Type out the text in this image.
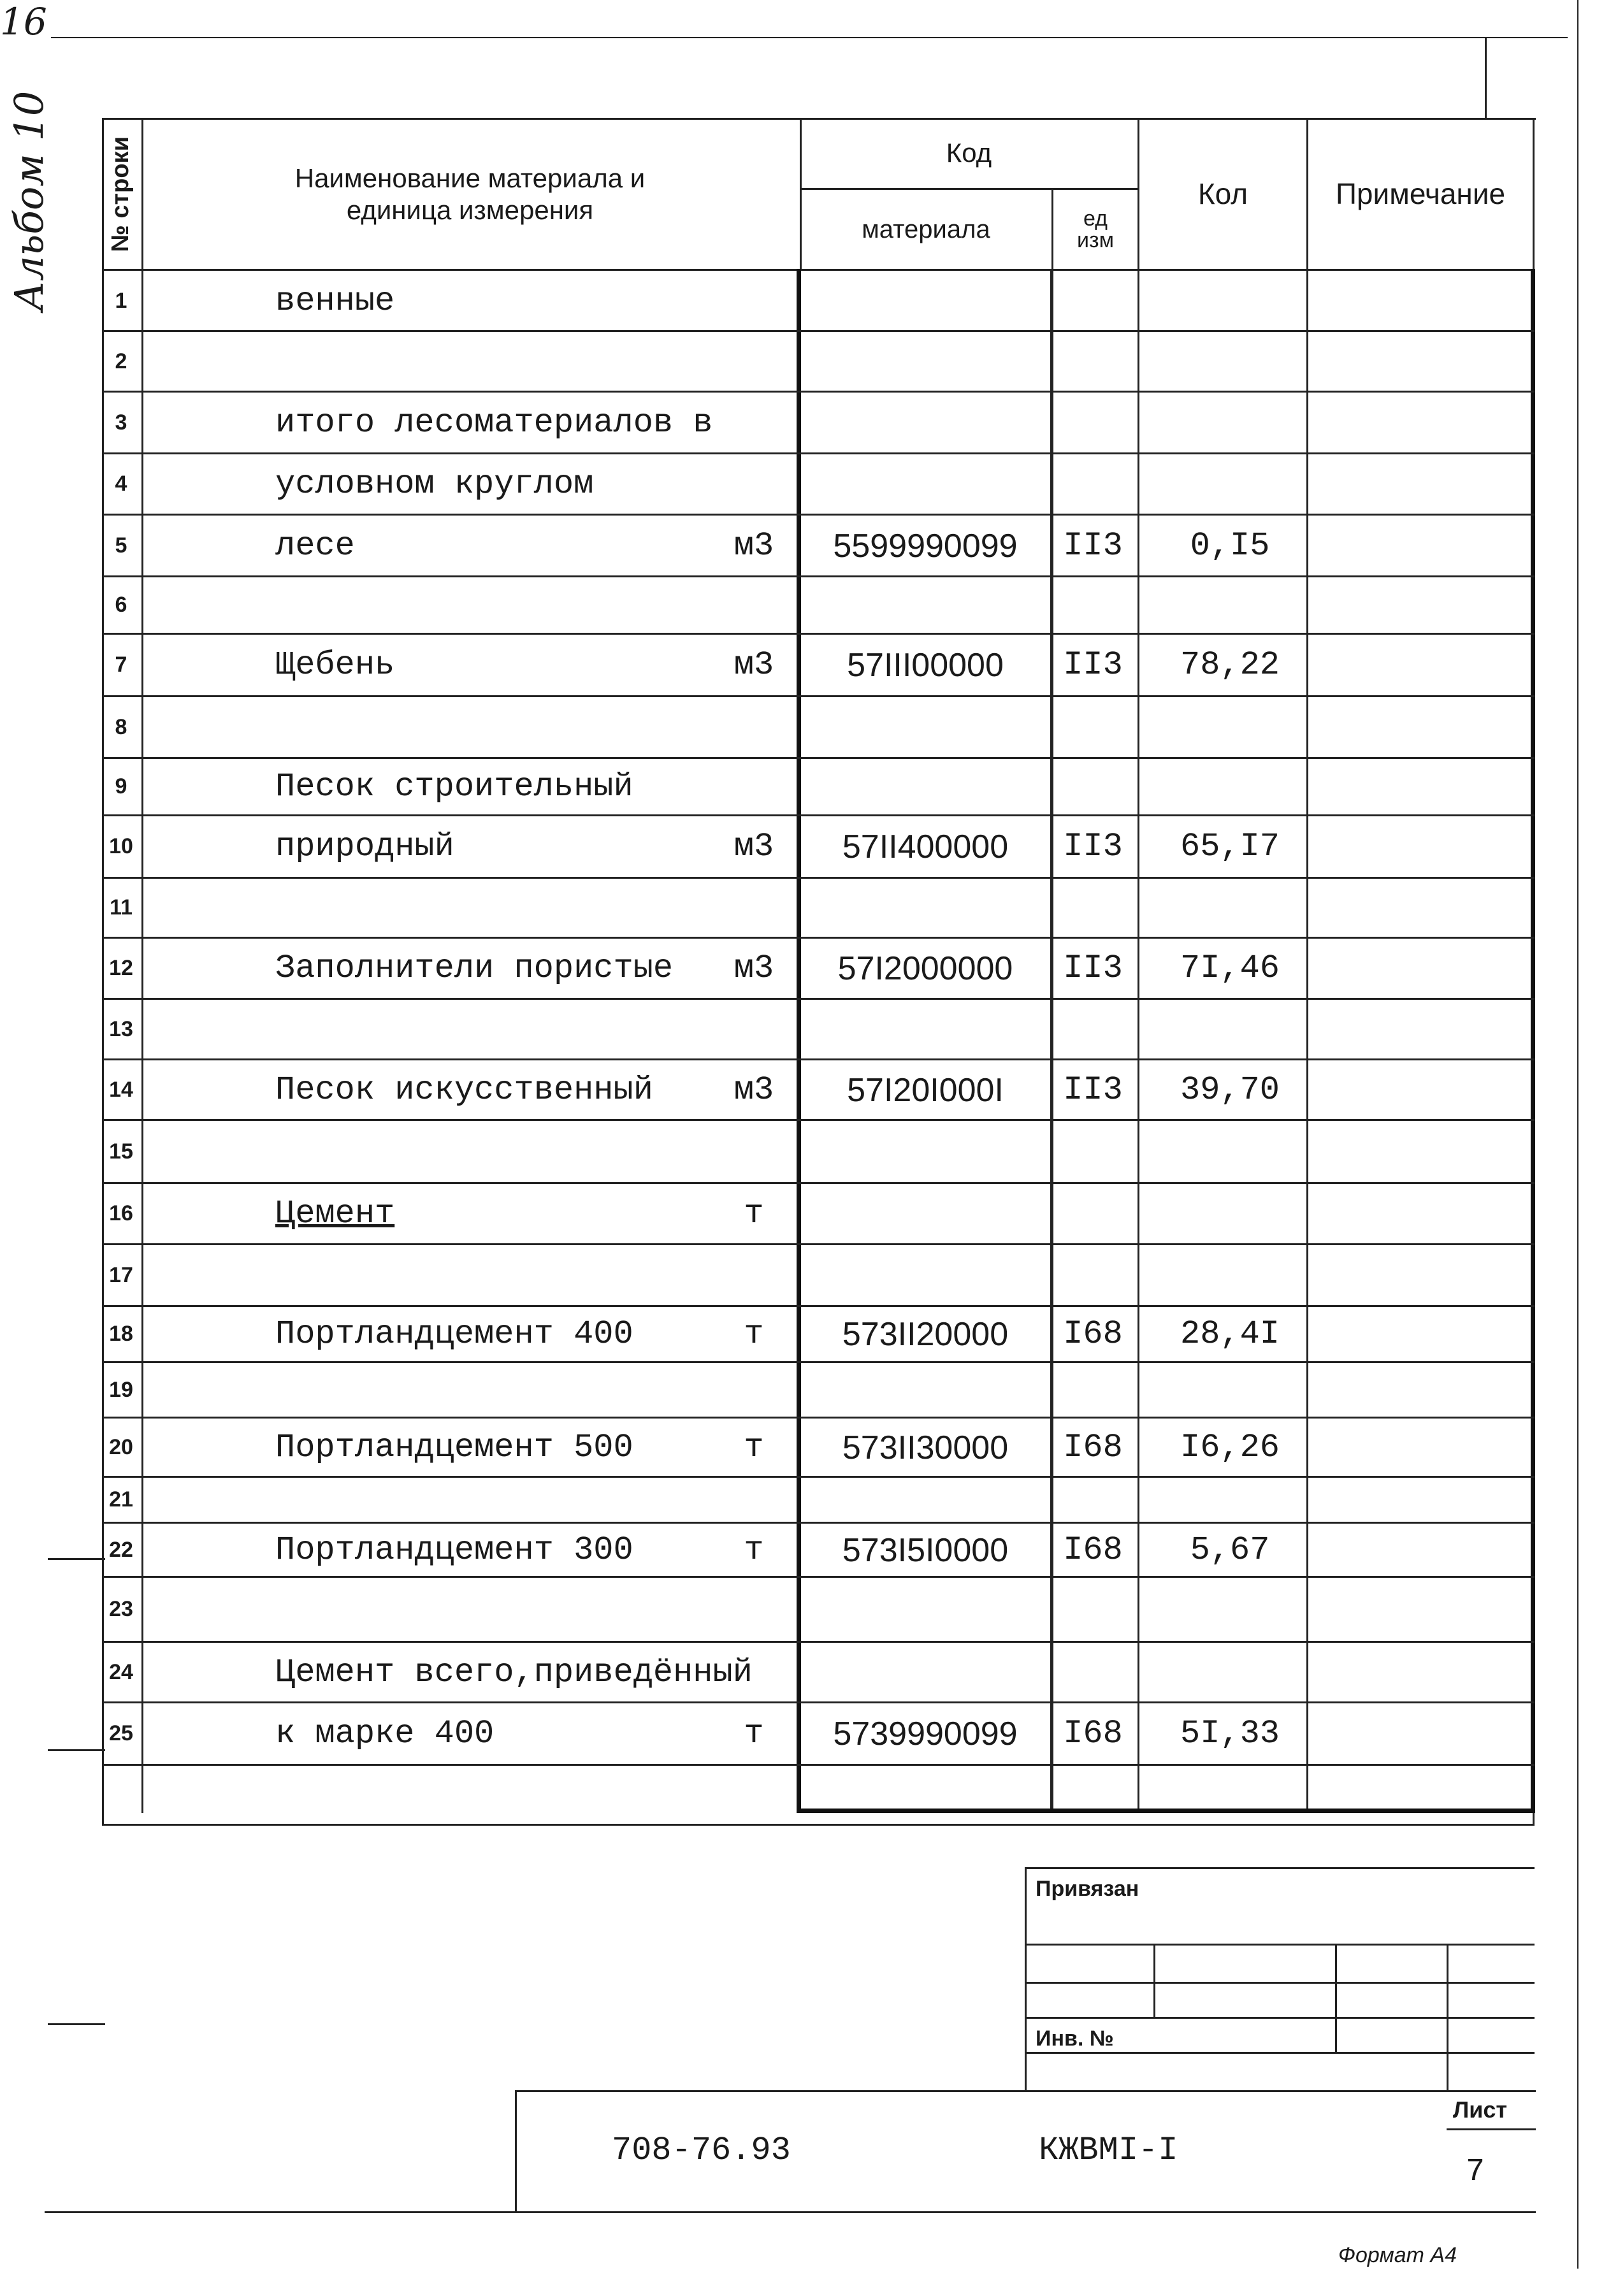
16
Альбом 10 № строки	Наименование материала и
единица измерения
Код
материала	ед
изм
Кол	Примечание
1	венные
2
3	итого лесоматериалов в
4	условном круглом
5	лесе	м3	5599990099	II3	0,I5
6
7	Щебень	м3	57III00000	II3	78,22
8
9	Песок строительный
10	природный	м3	57II400000	II3	65,I7
11
12	Заполнители пористые	м3	57I2000000	II3	7I,46
13
14	Песок искусственный	м3	57I20I000I	II3	39,70
15
16	Цемент	т
17
18	Портландцемент 400	т	573II20000	I68	28,4I
19
20	Портландцемент 500	т	573II30000	I68	I6,26
21
22	Портландцемент 300	т	573I5I0000	I68	5,67
23
24	Цемент всего,приведённый
25	к марке 400	т	5739990099	I68	5I,33
Привязан
Инв. №
Лист
7
708-76.93	КЖВМI-I
Формат А4
